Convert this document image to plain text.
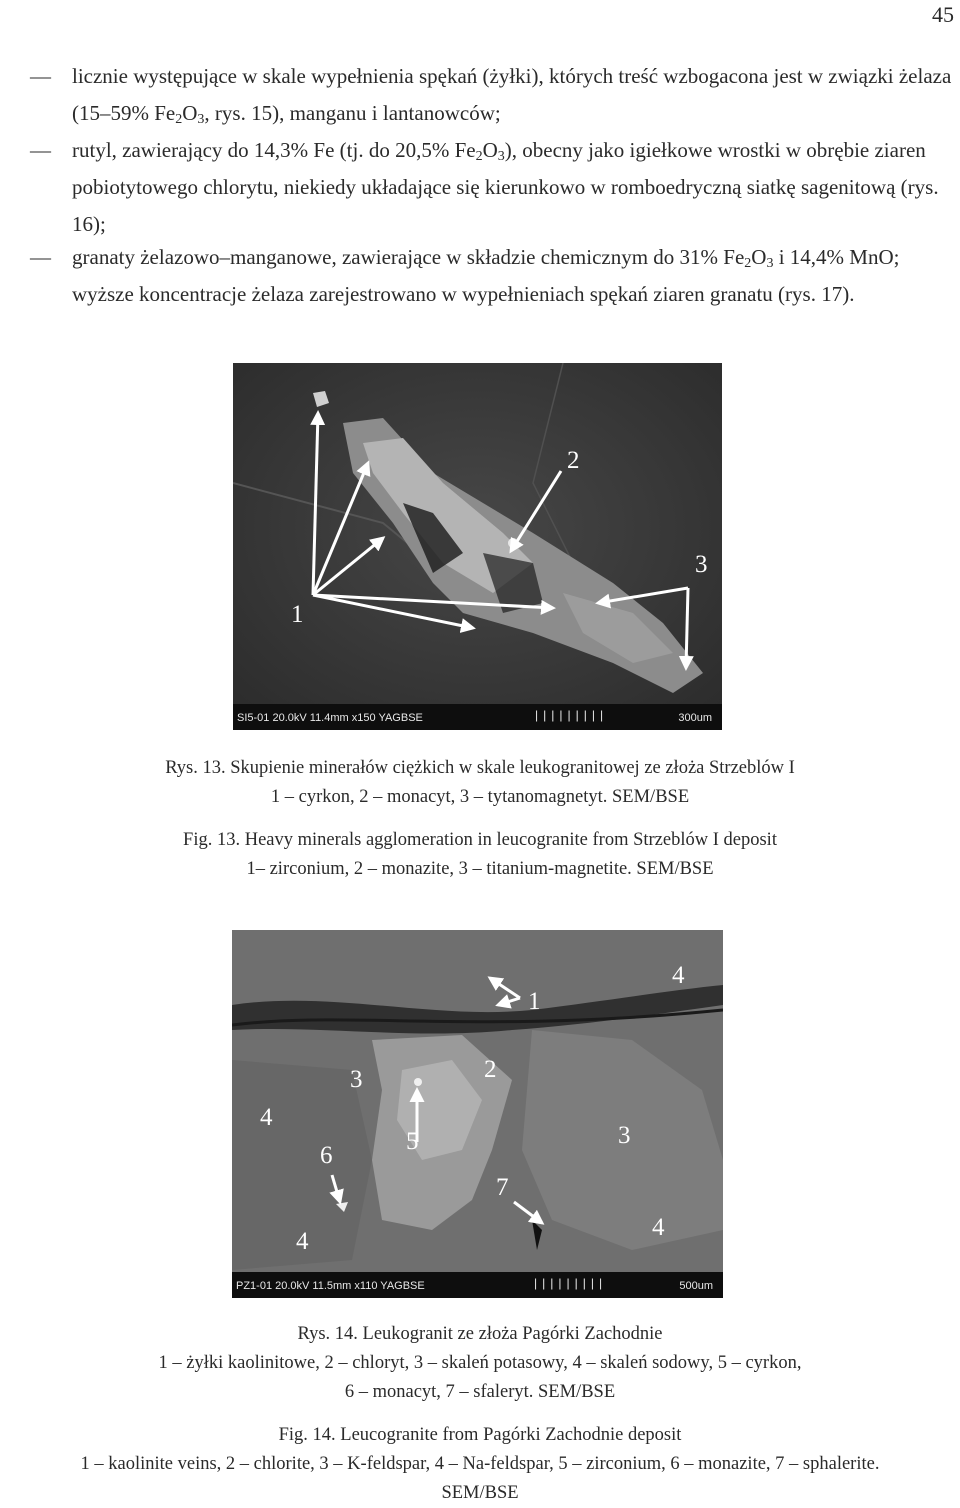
45
—	licznie występujące w skale wypełnienia spękań (żyłki), których treść wzbogacona jest w związki żelaza (15–59% $Fe_2O_3$, rys. 15), manganu i lantanowców;
—	rutyl, zawierający do 14,3% Fe (tj. do 20,5% $Fe_2O_3$), obecny jako igiełkowe wrostki w obrębie ziaren pobiotytowego chlorytu, niekiedy układające się kierunkowo w romboedryczną siatkę sagenitową (rys. 16);
—	granaty żelazowo–manganowe, zawierające w składzie chemicznym do 31% $Fe_2O_3$ i 14,4% MnO; wyższe koncentracje żelaza zarejestrowano w wypełnieniach spękań ziaren granatu (rys. 17).
1
2
3
SI5-01 20.0kV 11.4mm x150 YAGBSE	|||||||||	300um
Rys. 13. Skupienie minerałów ciężkich w skale leukogranitowej ze złoża Strzeblów I
1 – cyrkon, 2 – monacyt, 3 – tytanomagnetyt. SEM/BSE
Fig. 13. Heavy minerals agglomeration in leucogranite from Strzeblów I deposit
1– zirconium, 2 – monazite, 3 – titanium-magnetite. SEM/BSE
4
1
3	2
4
5
6
3
7
4
4
PZ1-01 20.0kV 11.5mm x110 YAGBSE	|||||||||	500um
Rys. 14. Leukogranit ze złoża Pagórki Zachodnie
1 – żyłki kaolinitowe, 2 – chloryt, 3 – skaleń potasowy, 4 – skaleń sodowy, 5 – cyrkon,
6 – monacyt, 7 – sfaleryt. SEM/BSE
Fig. 14. Leucogranite from Pagórki Zachodnie deposit
1 – kaolinite veins, 2 – chlorite, 3 – K-feldspar, 4 – Na-feldspar, 5 – zirconium, 6 – monazite, 7 – sphalerite.
SEM/BSE
